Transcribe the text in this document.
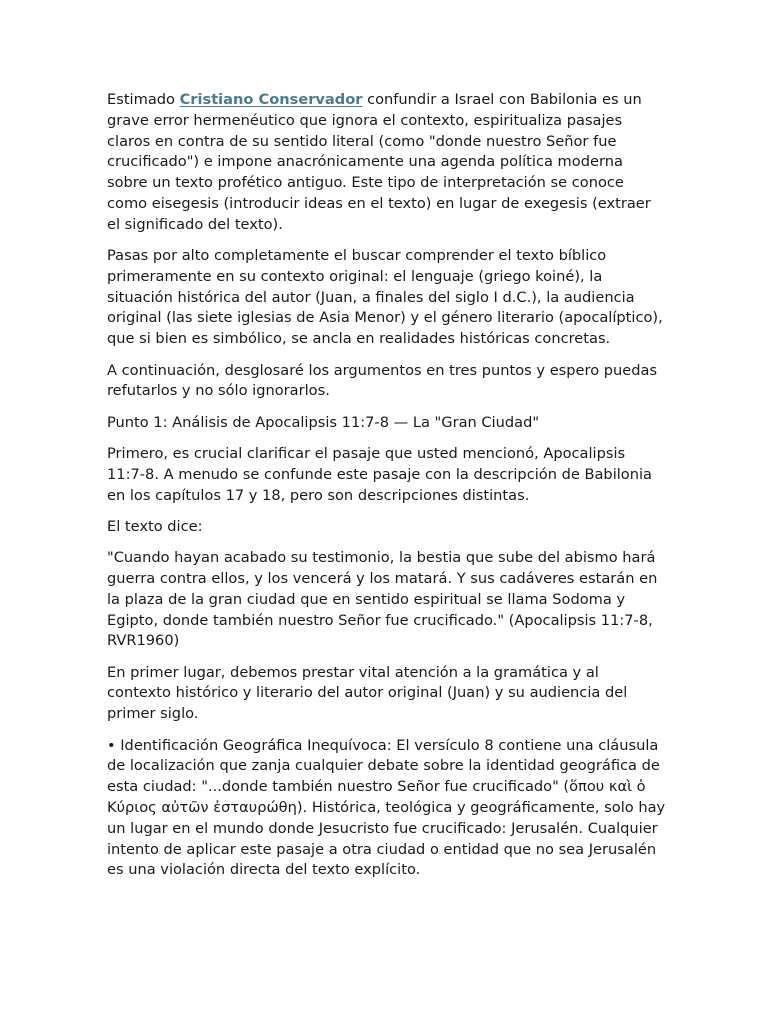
Estimado Cristiano Conservador confundir a Israel con Babilonia es un grave error hermenéutico que ignora el contexto, espiritualiza pasajes claros en contra de su sentido literal (como "donde nuestro Señor fue crucificado") e impone anacrónicamente una agenda política moderna sobre un texto profético antiguo. Este tipo de interpretación se conoce como eisegesis (introducir ideas en el texto) en lugar de exegesis (extraer el significado del texto).

Pasas por alto completamente el buscar comprender el texto bíblico primeramente en su contexto original: el lenguaje (griego koiné), la situación histórica del autor (Juan, a finales del siglo I d.C.), la audiencia original (las siete iglesias de Asia Menor) y el género literario (apocalíptico), que si bien es simbólico, se ancla en realidades históricas concretas.

A continuación, desglosaré los argumentos en tres puntos y espero puedas refutarlos y no sólo ignorarlos.

Punto 1: Análisis de Apocalipsis 11:7-8 — La "Gran Ciudad"

Primero, es crucial clarificar el pasaje que usted mencionó, Apocalipsis 11:7-8. A menudo se confunde este pasaje con la descripción de Babilonia en los capítulos 17 y 18, pero son descripciones distintas.

El texto dice:

"Cuando hayan acabado su testimonio, la bestia que sube del abismo hará guerra contra ellos, y los vencerá y los matará. Y sus cadáveres estarán en la plaza de la gran ciudad que en sentido espiritual se llama Sodoma y Egipto, donde también nuestro Señor fue crucificado." (Apocalipsis 11:7-8, RVR1960)

En primer lugar, debemos prestar vital atención a la gramática y al contexto histórico y literario del autor original (Juan) y su audiencia del primer siglo.

• Identificación Geográfica Inequívoca: El versículo 8 contiene una cláusula de localización que zanja cualquier debate sobre la identidad geográfica de esta ciudad: "...donde también nuestro Señor fue crucificado" (ὅπου καὶ ὁ Κύριος αὐτῶν ἐσταυρώθη). Histórica, teológica y geográficamente, solo hay un lugar en el mundo donde Jesucristo fue crucificado: Jerusalén. Cualquier intento de aplicar este pasaje a otra ciudad o entidad que no sea Jerusalén es una violación directa del texto explícito.
